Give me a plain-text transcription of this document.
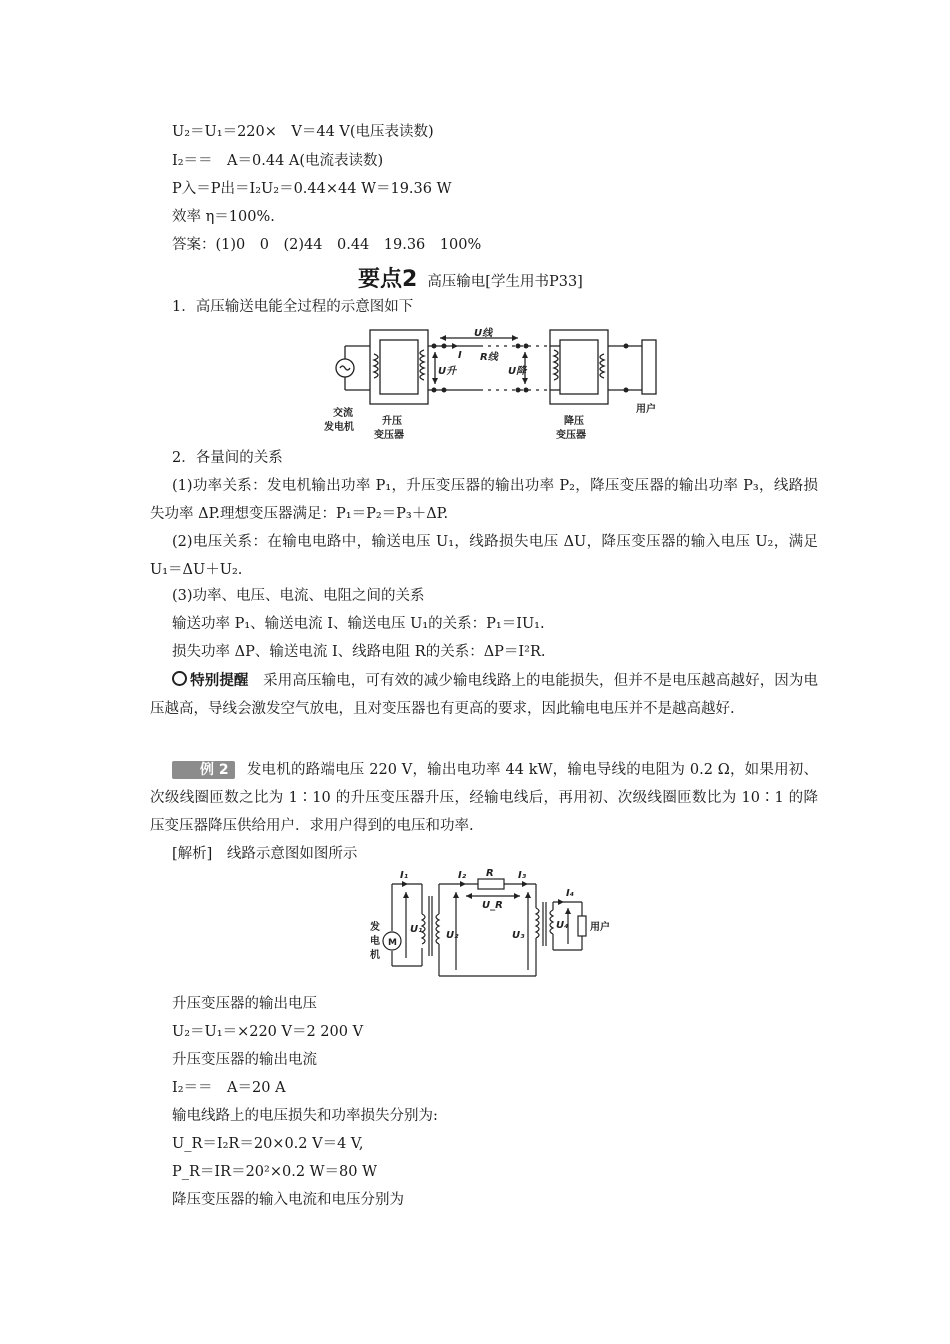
U₂＝U₁＝220×　V＝44 V(电压表读数)
I₂＝＝　A＝0.44 A(电流表读数)
P入＝P出＝I₂U₂＝0.44×44 W＝19.36 W
效率 η＝100%.
答案：(1)0　0　(2)44　0.44　19.36　100%
要点2 高压输电[学生用书P33]
1．高压输送电能全过程的示意图如下
U线
I R线
U升	U降
交流
发电机
升压
变压器
降压
变压器
用户
2．各量间的关系
(1)功率关系：发电机输出功率 P₁，升压变压器的输出功率 P₂，降压变压器的输出功率 P₃，线路损失功率 ΔP.理想变压器满足：P₁＝P₂＝P₃＋ΔP.
(2)电压关系：在输电电路中，输送电压 U₁，线路损失电压 ΔU，降压变压器的输入电压 U₂，满足 U₁＝ΔU＋U₂.
(3)功率、电压、电流、电阻之间的关系
输送功率 P₁、输送电流 I、输送电压 U₁的关系：P₁＝IU₁.
损失功率 ΔP、输送电流 I、线路电阻 R的关系：ΔP＝I²R.
特别提醒　 采用高压输电，可有效的减少输电线路上的电能损失，但并不是电压越高越好，因为电压越高，导线会激发空气放电，且对变压器也有更高的要求，因此输电电压并不是越高越好.
例 2 发电机的路端电压 220 V，输出电功率 44 kW，输电导线的电阻为 0.2 Ω，如果用初、次级线圈匝数之比为 1∶10 的升压变压器升压，经输电线后，再用初、次级线圈匝数比为 10∶1 的降压变压器降压供给用户．求用户得到的电压和功率.
[解析]　线路示意图如图所示
I₁	I₂ R I₃
I₄
U_R
U₁
U₂	U₃
U₄
M
发
电
机
用户
升压变压器的输出电压
U₂＝U₁＝×220 V＝2 200 V
升压变压器的输出电流
I₂＝＝　A＝20 A
输电线路上的电压损失和功率损失分别为:
U_R＝I₂R＝20×0.2 V＝4 V,
P_R＝IR＝20²×0.2 W＝80 W
降压变压器的输入电流和电压分别为
